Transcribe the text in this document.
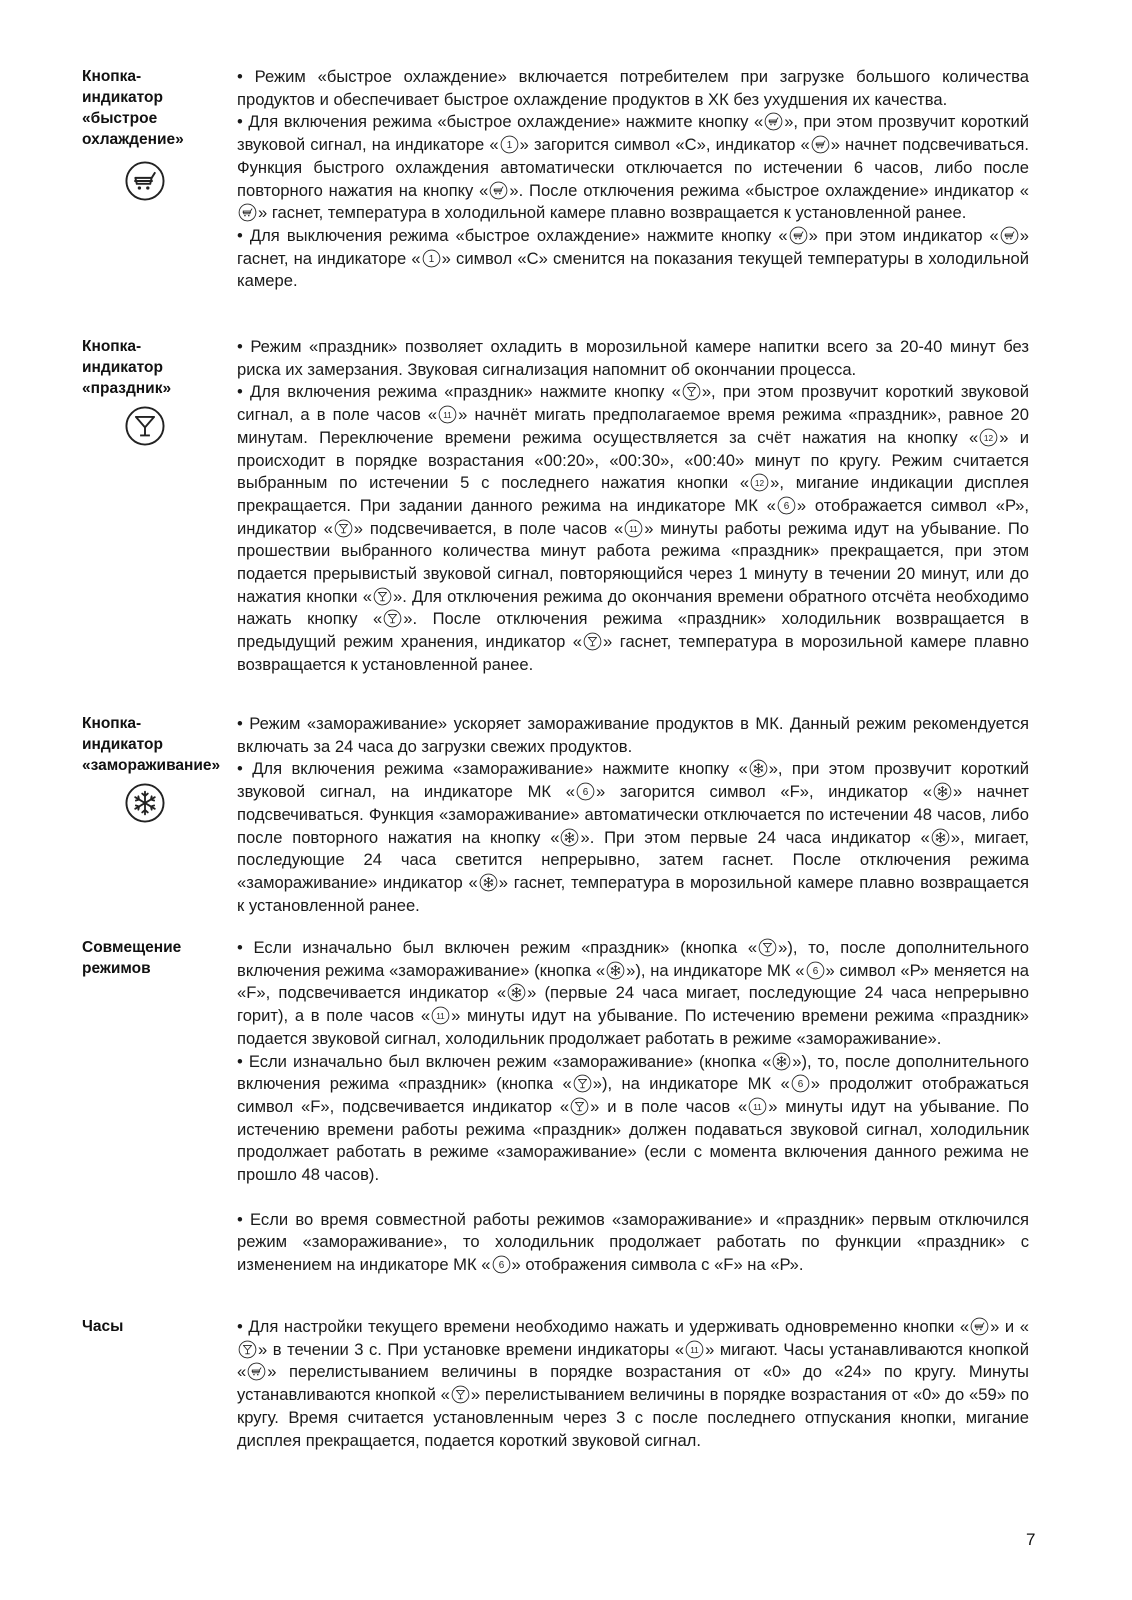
Кнопка-
индикатор
«быстрое
охлаждение»

• Режим «быстрое охлаждение» включается потребителем при загрузке большого количества продуктов и обеспечивает быстрое охлаждение продуктов в ХК без ухудшения их качества.

• Для включения режима «быстрое охлаждение» нажмите кнопку « », при этом прозвучит короткий звуковой сигнал, на индикаторе « 1 » загорится символ «С», индикатор « » начнет подсвечиваться. Функция быстрого охлаждения автоматически отключается по истечении 6 часов, либо после повторного нажатия на кнопку « ». После отключения режима «быстрое охлаждение» индикатор «
» гаснет, температура в холодильной камере плавно возвращается к установленной ранее.

• Для выключения режима «быстрое охлаждение» нажмите кнопку « » при этом индикатор « » гаснет, на индикаторе « 1 » символ «С» сменится на показания текущей температуры в холодильной камере.

Кнопка-
индикатор
«праздник»

• Режим «праздник» позволяет охладить в морозильной камере напитки всего за 20-40 минут без риска их замерзания. Звуковая сигнализация напомнит об окончании процесса.

• Для включения режима «праздник» нажмите кнопку « », при этом прозвучит короткий звуковой сигнал, а в поле часов « 11 » начнёт мигать предполагаемое время режима «праздник», равное 20 минутам. Переключение времени режима осуществляется за счёт нажатия на кнопку « 12 » и происходит в порядке возрастания «00:20», «00:30», «00:40» минут по кругу. Режим считается выбранным по истечении 5 с последнего нажатия кнопки « 12 », мигание индикации дисплея прекращается. При задании данного режима на индикаторе МК « 6 » отображается символ «Р», индикатор « » подсвечивается, в поле часов « 11 » минуты работы режима идут на убывание. По прошествии выбранного количества минут работа режима «праздник» прекращается, при этом подается прерывистый звуковой сигнал, повторяющийся через 1 минуту в течении 20 минут, или до нажатия кнопки « ». Для отключения режима до окончания времени обратного отсчёта необходимо нажать кнопку « ». После отключения режима «праздник» холодильник возвращается в предыдущий режим хранения, индикатор « » гаснет, температура в морозильной камере плавно возвращается к установленной ранее.

Кнопка-
индикатор
«замораживание»

• Режим «замораживание» ускоряет замораживание продуктов в МК. Данный режим рекомендуется включать за 24 часа до загрузки свежих продуктов.

• Для включения режима «замораживание» нажмите кнопку « », при этом прозвучит короткий звуковой сигнал, на индикаторе МК « 6 » загорится символ «F», индикатор « » начнет подсвечиваться. Функция «замораживание» автоматически отключается по истечении 48 часов, либо после повторного нажатия на кнопку « ». При этом первые 24 часа индикатор « », мигает, последующие 24 часа светится непрерывно, затем гаснет. После отключения режима «замораживание» индикатор « » гаснет, температура в морозильной камере плавно возвращается к установленной ранее.

Совмещение
режимов

• Если изначально был включен режим «праздник» (кнопка « »), то, после дополнительного включения режима «замораживание» (кнопка « »), на индикаторе МК « 6 » символ «Р» меняется на «F», подсвечивается индикатор « » (первые 24 часа мигает, последующие 24 часа непрерывно горит), а в поле часов « 11 » минуты идут на убывание. По истечению времени режима «праздник» подается звуковой сигнал, холодильник продолжает работать в режиме «замораживание».

• Если изначально был включен режим «замораживание» (кнопка « »), то, после дополнительного включения режима «праздник» (кнопка « »), на индикаторе МК « 6 » продолжит отображаться символ «F», подсвечивается индикатор « » и в поле часов « 11 » минуты идут на убывание. По истечению времени работы режима «праздник» должен подаваться звуковой сигнал, холодильник продолжает работать в режиме «замораживание» (если с момента включения данного режима не прошло 48 часов).

• Если во время совместной работы режимов «замораживание» и «праздник» первым отключился режим «замораживание», то холодильник продолжает работать по функции «праздник» с изменением на индикаторе МК « 6 » отображения символа с «F» на «Р».

Часы	• Для настройки текущего времени необходимо нажать и удерживать одновременно кнопки « » и «
» в течении 3 с. При установке времени индикаторы « 11 » мигают. Часы устанавливаются кнопкой « » перелистыванием величины в порядке возрастания от «0» до «24» по кругу. Минуты устанавливаются кнопкой « » перелистыванием величины в порядке возрастания от «0» до «59» по кругу. Время считается установленным через 3 с после последнего отпускания кнопки, мигание дисплея прекращается, подается короткий звуковой сигнал.

7
